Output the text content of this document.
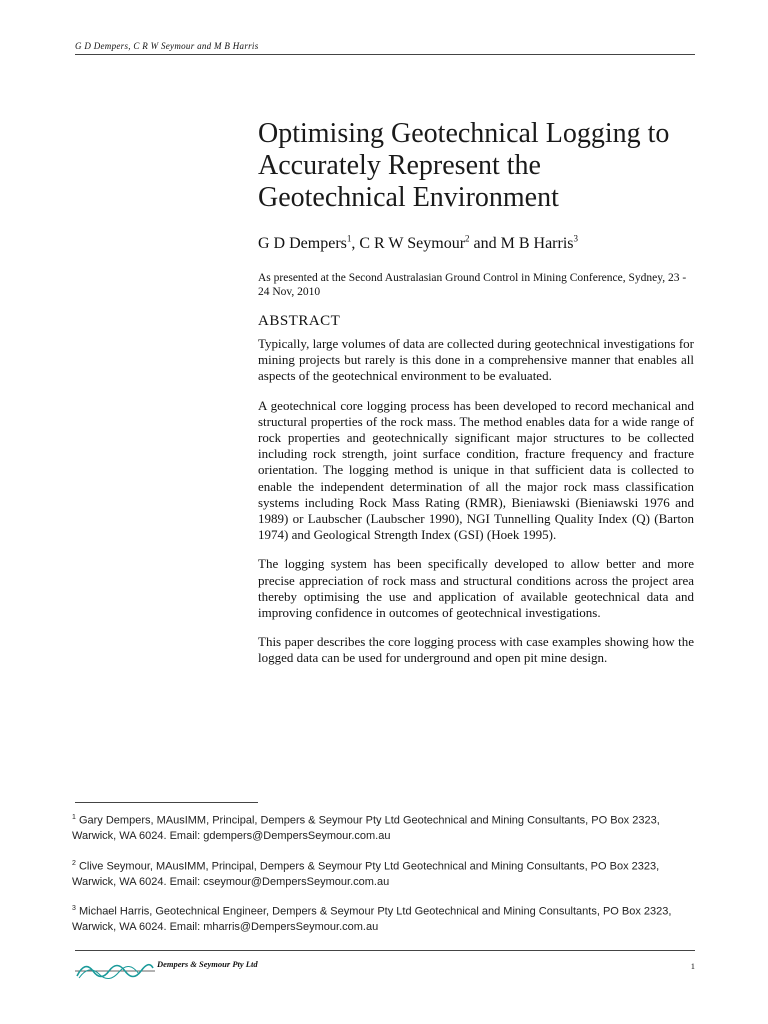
G D Dempers, C R W Seymour and M B Harris
Optimising Geotechnical Logging to Accurately Represent the Geotechnical Environment
G D Dempers$^1$, C R W Seymour$^2$ and M B Harris$^3$
As presented at the Second Australasian Ground Control in Mining Conference, Sydney, 23 - 24 Nov, 2010
ABSTRACT

Typically, large volumes of data are collected during geotechnical investigations for mining projects but rarely is this done in a comprehensive manner that enables all aspects of the geotechnical environment to be evaluated.

A geotechnical core logging process has been developed to record mechanical and structural properties of the rock mass. The method enables data for a wide range of rock properties and geotechnically significant major structures to be collected including rock strength, joint surface condition, fracture frequency and fracture orientation. The logging method is unique in that sufficient data is collected to enable the independent determination of all the major rock mass classification systems including Rock Mass Rating (RMR), Bieniawski (Bieniawski 1976 and 1989) or Laubscher (Laubscher 1990), NGI Tunnelling Quality Index (Q) (Barton 1974) and Geological Strength Index (GSI) (Hoek 1995).

The logging system has been specifically developed to allow better and more precise appreciation of rock mass and structural conditions across the project area thereby optimising the use and application of available geotechnical data and improving confidence in outcomes of geotechnical investigations.

This paper describes the core logging process with case examples showing how the logged data can be used for underground and open pit mine design.

$^1$ Gary Dempers, MAusIMM, Principal, Dempers & Seymour Pty Ltd Geotechnical and Mining Consultants, PO Box 2323, Warwick, WA 6024. Email: gdempers@DempersSeymour.com.au
$^2$ Clive Seymour, MAusIMM, Principal, Dempers & Seymour Pty Ltd Geotechnical and Mining Consultants, PO Box 2323, Warwick, WA 6024. Email: cseymour@DempersSeymour.com.au
$^3$ Michael Harris, Geotechnical Engineer, Dempers & Seymour Pty Ltd Geotechnical and Mining Consultants, PO Box 2323, Warwick, WA 6024. Email: mharris@DempersSeymour.com.au
Dempers & Seymour Pty Ltd	1
